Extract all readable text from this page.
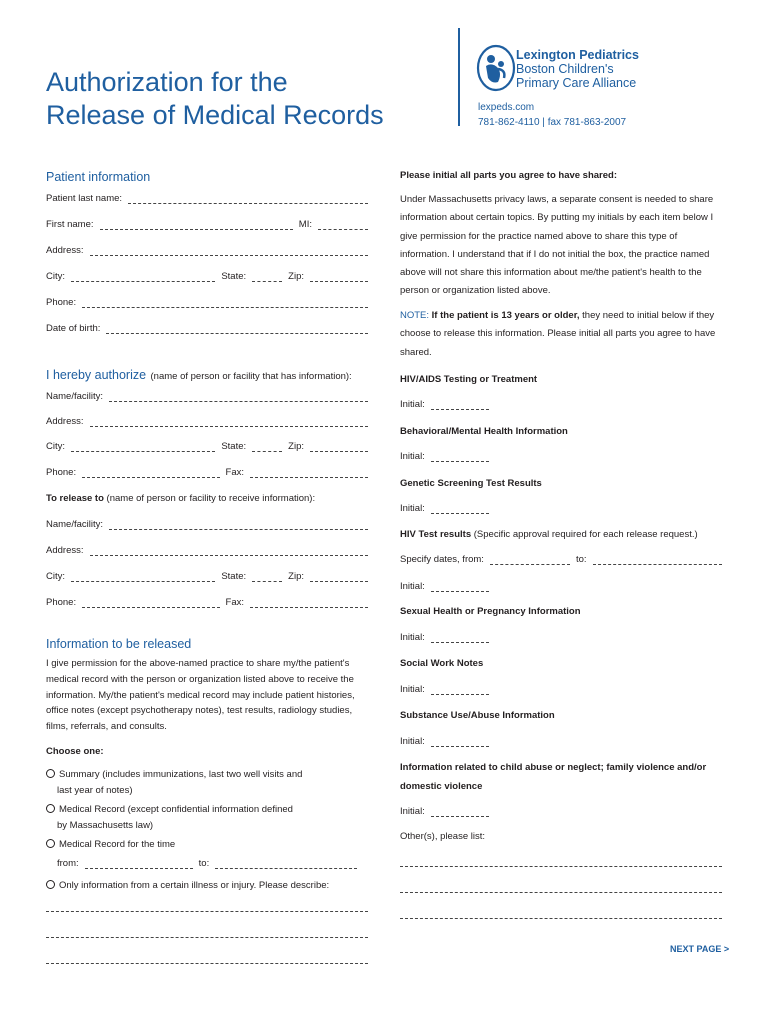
Authorization for the
Release of Medical Records
Lexington Pediatrics
Boston Children's
Primary Care Alliance
lexpeds.com
781-862-4110 | fax 781-863-2007
Patient information
Patient last name:
First name:	MI:
Address:
City:	State:	Zip:
Phone:
Date of birth:
I hereby authorize (name of person or facility that has information):
Name/facility:
Address:
City:	State:	Zip:
Phone:	Fax:
To release to (name of person or facility to receive information):
Name/facility:
Address:
City:	State:	Zip:
Phone:	Fax:
Information to be released
I give permission for the above-named practice to share my/the patient's medical record with the person or organization listed above to receive the information. My/the patient's medical record may include patient histories, office notes (except psychotherapy notes), test results, radiology studies, films, referrals, and consults.
Choose one:
Summary (includes immunizations, last two well visits and
last year of notes)
Medical Record (except confidential information defined
by Massachusetts law)
Medical Record for the time
from:	to:
Only information from a certain illness or injury. Please describe:
Please initial all parts you agree to have shared:
Under Massachusetts privacy laws, a separate consent is needed to share information about certain topics. By putting my initials by each item below I give permission for the practice named above to share this type of information. I understand that if I do not initial the box, the practice named above will not share this information about me/the patient's health to the person or organization listed above.
NOTE: If the patient is 13 years or older, they need to initial below if they choose to release this information. Please initial all parts you agree to have shared.
HIV/AIDS Testing or Treatment
Initial:
Behavioral/Mental Health Information
Initial:
Genetic Screening Test Results
Initial:
HIV Test results (Specific approval required for each release request.)
Specify dates, from:	to:
Initial:
Sexual Health or Pregnancy Information
Initial:
Social Work Notes
Initial:
Substance Use/Abuse Information
Initial:
Information related to child abuse or neglect; family violence and/or domestic violence
Initial:
Other(s), please list:
NEXT PAGE >
